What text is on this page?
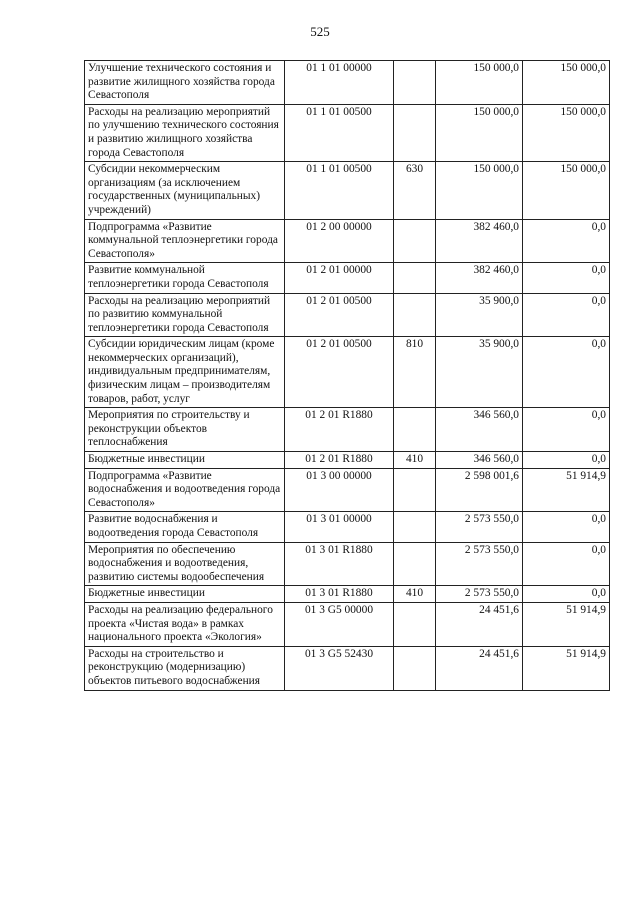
525
Улучшение технического состояния и развитие жилищного хозяйства города Севастополя	01 1 01 00000		150 000,0	150 000,0
Расходы на реализацию мероприятий по улучшению технического состояния и развитию жилищного хозяйства города Севастополя	01 1 01 00500		150 000,0	150 000,0
Субсидии некоммерческим организациям (за исключением государственных (муниципальных) учреждений)	01 1 01 00500	630	150 000,0	150 000,0
Подпрограмма «Развитие коммунальной теплоэнергетики города Севастополя»	01 2 00 00000		382 460,0	0,0
Развитие коммунальной теплоэнергетики города Севастополя	01 2 01 00000		382 460,0	0,0
Расходы на реализацию мероприятий по развитию коммунальной теплоэнергетики города Севастополя	01 2 01 00500		35 900,0	0,0
Субсидии юридическим лицам (кроме некоммерческих организаций), индивидуальным предпринимателям, физическим лицам – производителям товаров, работ, услуг	01 2 01 00500	810	35 900,0	0,0
Мероприятия по строительству и реконструкции объектов теплоснабжения	01 2 01 R1880		346 560,0	0,0
Бюджетные инвестиции	01 2 01 R1880	410	346 560,0	0,0
Подпрограмма «Развитие водоснабжения и водоотведения города Севастополя»	01 3 00 00000		2 598 001,6	51 914,9
Развитие водоснабжения и водоотведения города Севастополя	01 3 01 00000		2 573 550,0	0,0
Мероприятия по обеспечению водоснабжения и водоотведения, развитию системы водообеспечения	01 3 01 R1880		2 573 550,0	0,0
Бюджетные инвестиции	01 3 01 R1880	410	2 573 550,0	0,0
Расходы на реализацию федерального проекта «Чистая вода» в рамках национального проекта «Экология»	01 3 G5 00000		24 451,6	51 914,9
Расходы на строительство и реконструкцию (модернизацию) объектов питьевого водоснабжения	01 3 G5 52430		24 451,6	51 914,9
